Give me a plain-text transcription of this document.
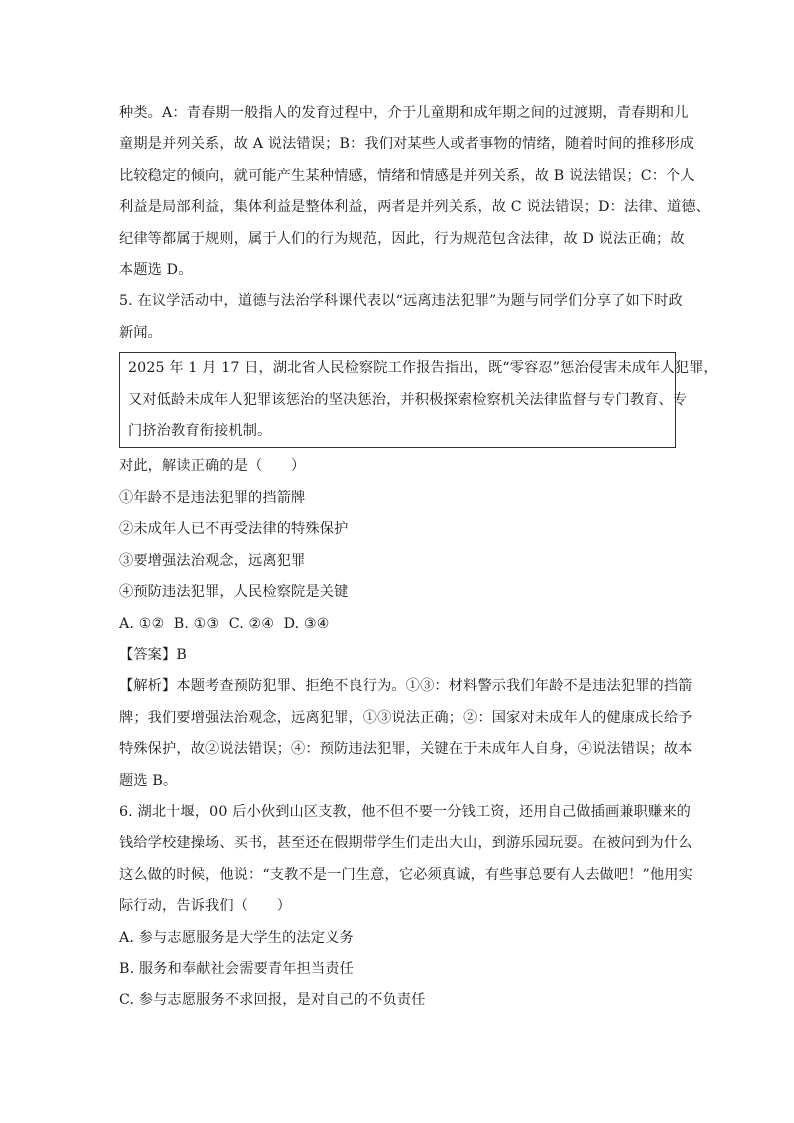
种类。A：青春期一般指人的发育过程中，介于儿童期和成年期之间的过渡期，青春期和儿
童期是并列关系，故 A 说法错误；B：我们对某些人或者事物的情绪，随着时间的推移形成
比较稳定的倾向，就可能产生某种情感，情绪和情感是并列关系，故 B 说法错误；C：个人
利益是局部利益，集体利益是整体利益，两者是并列关系，故 C 说法错误；D：法律、道德、
纪律等都属于规则，属于人们的行为规范，因此，行为规范包含法律，故 D 说法正确；故
本题选 D。
5. 在议学活动中，道德与法治学科课代表以“远离违法犯罪”为题与同学们分享了如下时政
新闻。
2025 年 1 月 17 日，湖北省人民检察院工作报告指出，既“零容忍”惩治侵害未成年人犯罪，
又对低龄未成年人犯罪该惩治的坚决惩治，并积极探索检察机关法律监督与专门教育、专
门挤治教育衔接机制。
对此，解读正确的是（　　）
①年龄不是违法犯罪的挡箭牌
②未成年人已不再受法律的特殊保护
③要增强法治观念，远离犯罪
④预防违法犯罪，人民检察院是关键
A. ①②  B. ①③  C. ②④  D. ③④
【答案】B
【解析】本题考查预防犯罪、拒绝不良行为。①③：材料警示我们年龄不是违法犯罪的挡箭
牌；我们要增强法治观念，远离犯罪，①③说法正确；②：国家对未成年人的健康成长给予
特殊保护，故②说法错误；④：预防违法犯罪，关键在于未成年人自身，④说法错误；故本
题选 B。
6. 湖北十堰，00 后小伙到山区支教，他不但不要一分钱工资，还用自己做插画兼职赚来的
钱给学校建操场、买书，甚至还在假期带学生们走出大山，到游乐园玩耍。在被问到为什么
这么做的时候，他说：“支教不是一门生意，它必须真诚，有些事总要有人去做吧！”他用实
际行动，告诉我们（　　）
A. 参与志愿服务是大学生的法定义务
B. 服务和奉献社会需要青年担当责任
C. 参与志愿服务不求回报，是对自己的不负责任
